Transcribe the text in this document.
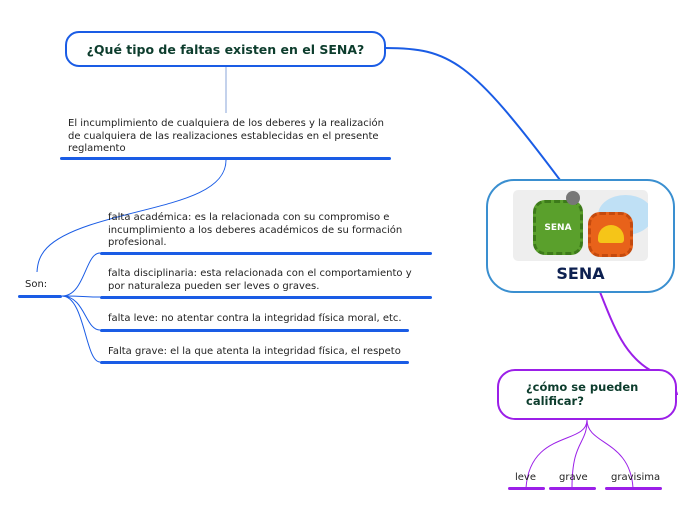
¿Qué tipo de faltas existen en el SENA?
El incumplimiento de cualquiera de los deberes y la realización de cualquiera de las realizaciones establecidas en el presente reglamento
Son:
falta académica: es la relacionada con su compromiso e incumplimiento a los deberes académicos de su formación profesional.
falta disciplinaria: esta relacionada con el comportamiento y por naturaleza pueden ser leves o graves.
falta leve: no atentar contra la integridad física moral, etc.
Falta grave: el la que atenta la integridad física, el respeto
SENA
SENA
¿cómo se pueden calificar?
leve grave gravisima
